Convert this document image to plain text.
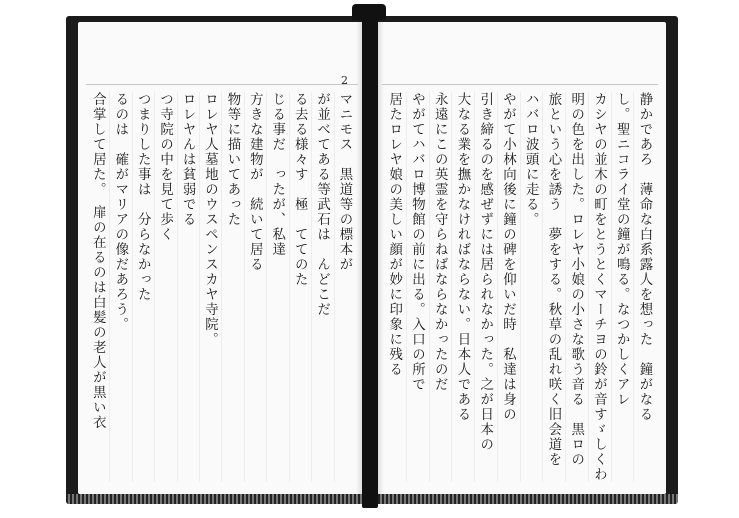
2
マニモス　黒道等の標本が
が並べてある等武石は　んどこだ
る去る様々す　極　ててのた
じる事だ　ったが、私達
方きな建物が　続いて居る
物等に描いてあった
ロレヤ人墓地のウスペンスカヤ寺院。
ロレヤんは貧弱でる
つ寺院の中を見て歩く
つまりした事は　分らなかった
るのは　確がマリアの像だあろう。
合掌して居た。　扉の在るのは白髪の老人が黒い衣	静かであろ　薄命な白系露人を想った　鐘がなる
し。聖ニコライ堂の鐘が鳴る。なつかしくアレ
カシヤの並木の町をとうとくマーチヨの鈴が音すゞしくわ
明の色を出した。ロレヤ小娘の小さな歌う音る　黒ロの
旅という心を誘う　夢をする。秋草の乱れ咲く旧会道を
ハバロ波頭に走る。
やがて小林向後に鐘の碑を仰いだ時　私達は身の
引き締るのを感ぜずには居られなかった。之が日本の
大なる業を撫かなければならない。日本人である
永遠にこの英霊を守らねばならなかったのだ
やがてハバロ博物館の前に出る。入口の所で
居たロレヤ娘の美しい顔が妙に印象に残る
